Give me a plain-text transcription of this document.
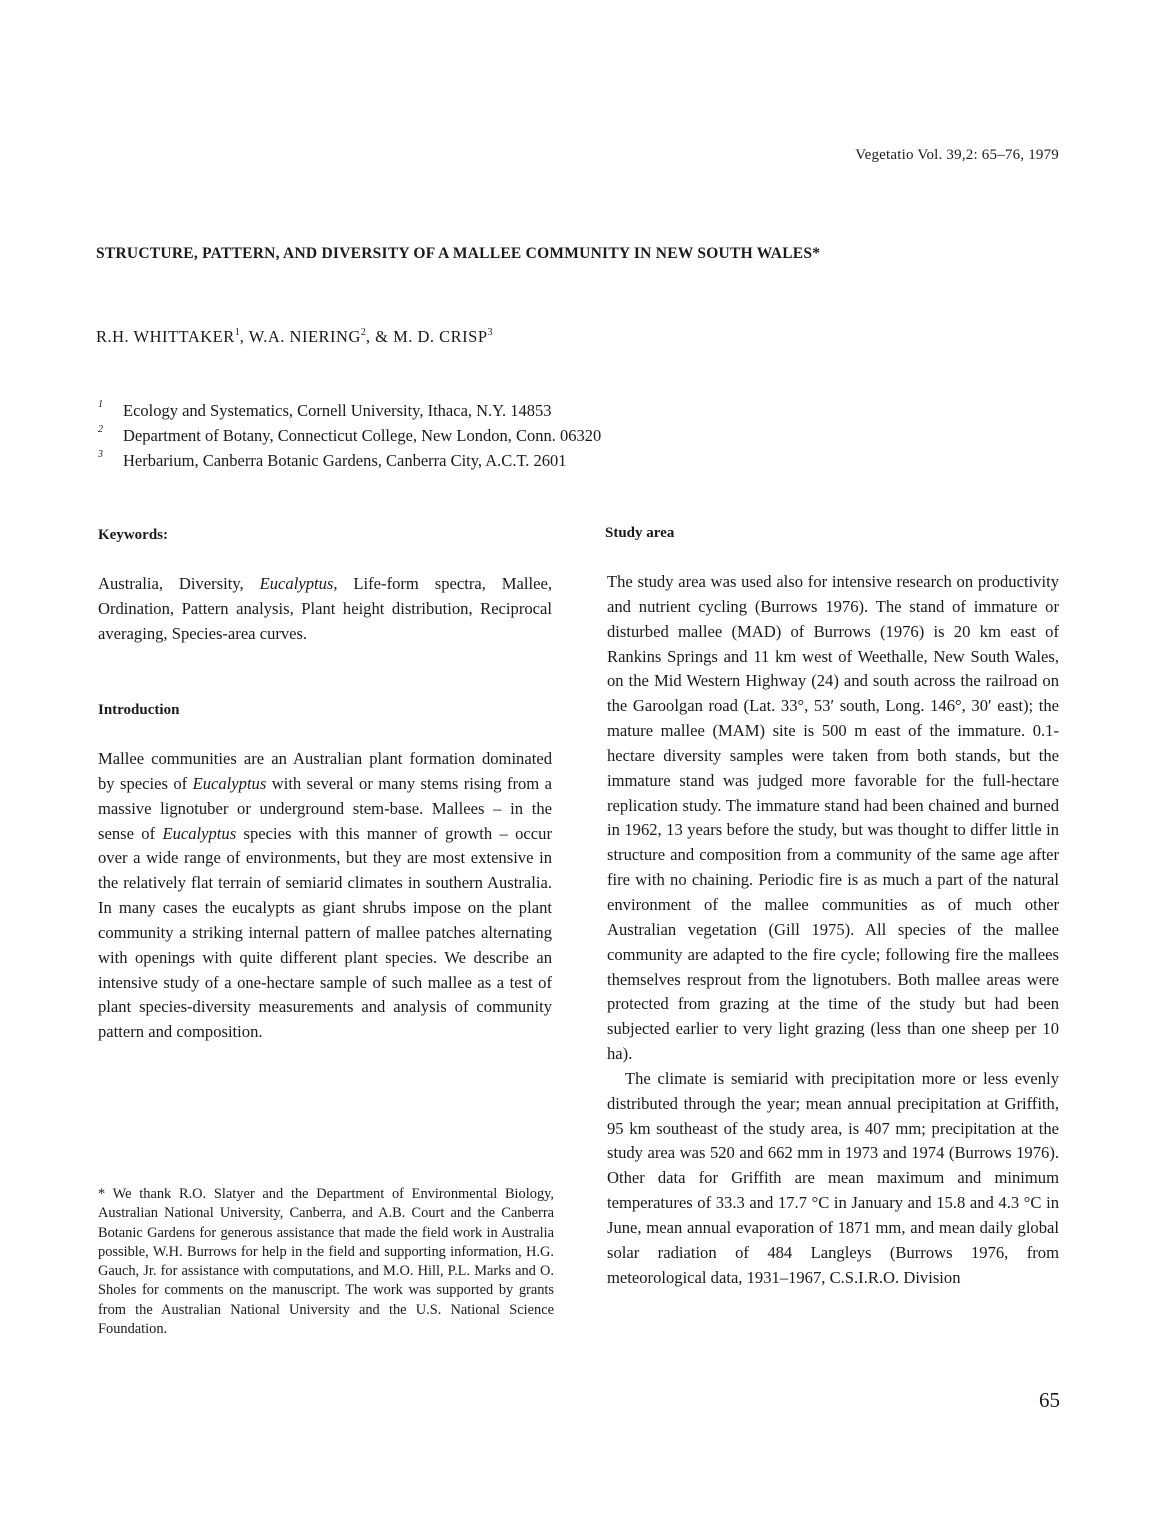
Vegetatio Vol. 39,2: 65–76, 1979
STRUCTURE, PATTERN, AND DIVERSITY OF A MALLEE COMMUNITY IN NEW SOUTH WALES*
R.H. WHITTAKER$^1$, W.A. NIERING$^2$, & M. D. CRISP$^3$
1 Ecology and Systematics, Cornell University, Ithaca, N.Y. 14853
2 Department of Botany, Connecticut College, New London, Conn. 06320
3 Herbarium, Canberra Botanic Gardens, Canberra City, A.C.T. 2601
Keywords:

Australia, Diversity, Eucalyptus, Life-form spectra, Mallee, Ordination, Pattern analysis, Plant height distribution, Reciprocal averaging, Species-area curves.

Introduction

Mallee communities are an Australian plant formation dominated by species of Eucalyptus with several or many stems rising from a massive lignotuber or underground stem-base. Mallees – in the sense of Eucalyptus species with this manner of growth – occur over a wide range of environments, but they are most extensive in the relatively flat terrain of semiarid climates in southern Australia. In many cases the eucalypts as giant shrubs impose on the plant community a striking internal pattern of mallee patches alternating with openings with quite different plant species. We describe an intensive study of a one-hectare sample of such mallee as a test of plant species-diversity measurements and analysis of community pattern and composition.

* We thank R.O. Slatyer and the Department of Environmental Biology, Australian National University, Canberra, and A.B. Court and the Canberra Botanic Gardens for generous assistance that made the field work in Australia possible, W.H. Burrows for help in the field and supporting information, H.G. Gauch, Jr. for assistance with computations, and M.O. Hill, P.L. Marks and O. Sholes for comments on the manuscript. The work was supported by grants from the Australian National University and the U.S. National Science Foundation.
Study area

The study area was used also for intensive research on productivity and nutrient cycling (Burrows 1976). The stand of immature or disturbed mallee (MAD) of Burrows (1976) is 20 km east of Rankins Springs and 11 km west of Weethalle, New South Wales, on the Mid Western Highway (24) and south across the railroad on the Garoolgan road (Lat. 33°, 53′ south, Long. 146°, 30′ east); the mature mallee (MAM) site is 500 m east of the immature. 0.1-hectare diversity samples were taken from both stands, but the immature stand was judged more favorable for the full-hectare replication study. The immature stand had been chained and burned in 1962, 13 years before the study, but was thought to differ little in structure and composition from a community of the same age after fire with no chaining. Periodic fire is as much a part of the natural environment of the mallee communities as of much other Australian vegetation (Gill 1975). All species of the mallee community are adapted to the fire cycle; following fire the mallees themselves resprout from the lignotubers. Both mallee areas were protected from grazing at the time of the study but had been subjected earlier to very light grazing (less than one sheep per 10 ha).

The climate is semiarid with precipitation more or less evenly distributed through the year; mean annual precipitation at Griffith, 95 km southeast of the study area, is 407 mm; precipitation at the study area was 520 and 662 mm in 1973 and 1974 (Burrows 1976). Other data for Griffith are mean maximum and minimum temperatures of 33.3 and 17.7 °C in January and 15.8 and 4.3 °C in June, mean annual evaporation of 1871 mm, and mean daily global solar radiation of 484 Langleys (Burrows 1976, from meteorological data, 1931–1967, C.S.I.R.O. Division

65
